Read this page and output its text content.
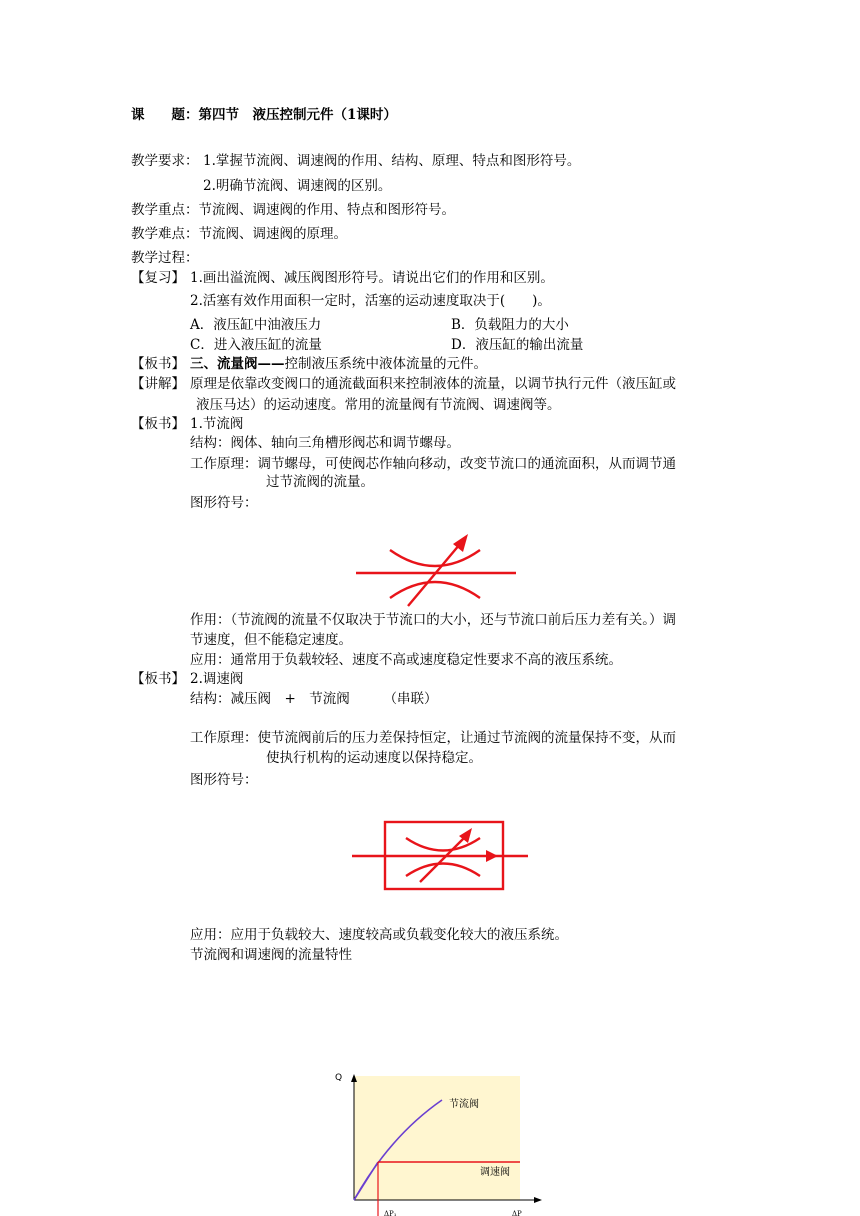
课　　题：第四节　液压控制元件（1课时）
教学要求： 1.掌握节流阀、调速阀的作用、结构、原理、特点和图形符号。
2.明确节流阀、调速阀的区别。
教学重点：节流阀、调速阀的作用、特点和图形符号。
教学难点：节流阀、调速阀的原理。
教学过程：
【复习】 1.画出溢流阀、减压阀图形符号。请说出它们的作用和区别。
2.活塞有效作用面积一定时，活塞的运动速度取决于(　　)。
A．液压缸中油液压力	B．负载阻力的大小
C．进入液压缸的流量	D．液压缸的输出流量
【板书】 三、流量阀——控制液压系统中液体流量的元件。
【讲解】 原理是依靠改变阀口的通流截面积来控制液体的流量，以调节执行元件（液压缸或
液压马达）的运动速度。常用的流量阀有节流阀、调速阀等。
【板书】 1.节流阀
结构：阀体、轴向三角槽形阀芯和调节螺母。
工作原理：调节螺母，可使阀芯作轴向移动，改变节流口的通流面积，从而调节通
过节流阀的流量。
图形符号：
作用：（节流阀的流量不仅取决于节流口的大小，还与节流口前后压力差有关。）调
节速度，但不能稳定速度。
应用：通常用于负载较轻、速度不高或速度稳定性要求不高的液压系统。
【板书】 2.调速阀
结构：减压阀　+　节流阀　　　（串联）
工作原理：使节流阀前后的压力差保持恒定，让通过节流阀的流量保持不变，从而
使执行机构的运动速度以保持稳定。
图形符号：
应用：应用于负载较大、速度较高或负载变化较大的液压系统。
节流阀和调速阀的流量特性
Q
节流阀
调速阀
ΔP₁	ΔP
